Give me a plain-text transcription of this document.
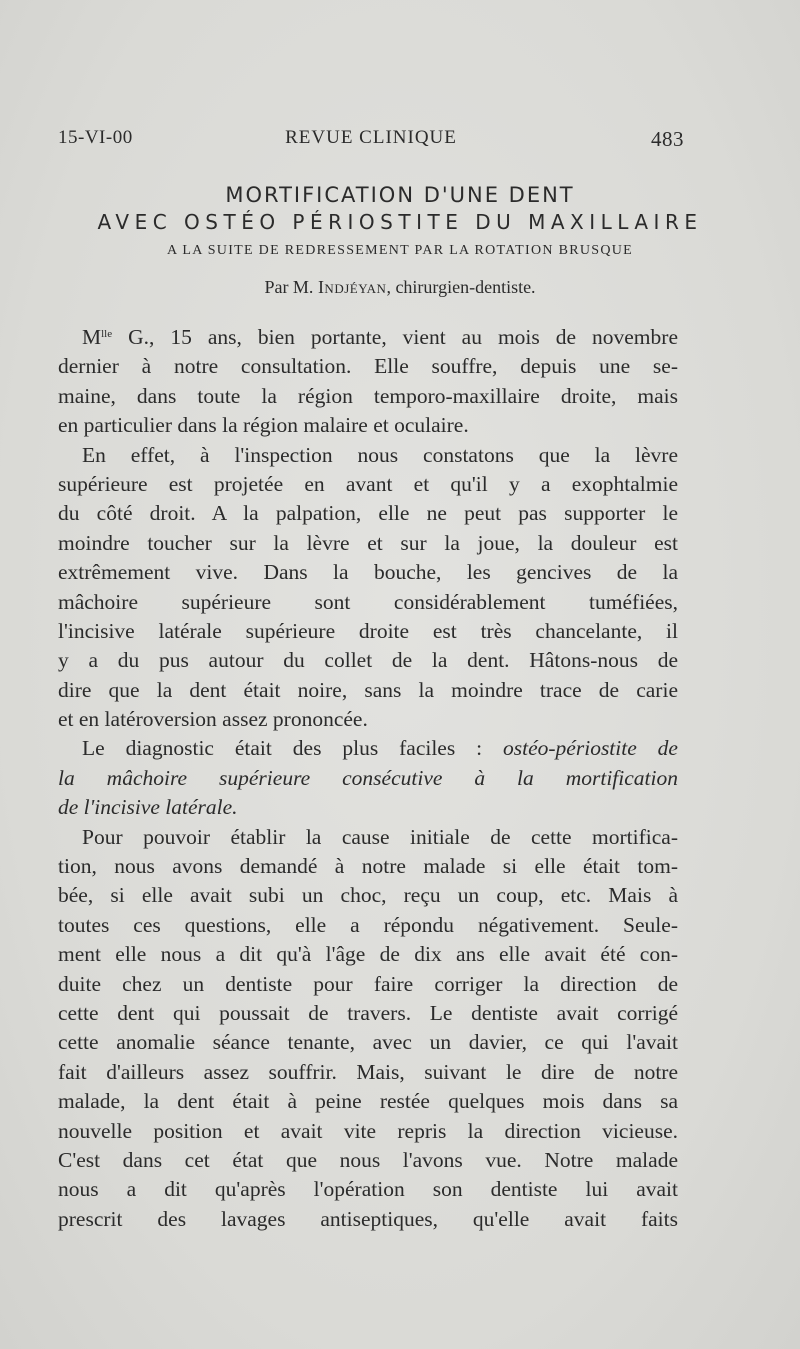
15-VI-00	REVUE CLINIQUE	483
MORTIFICATION D'UNE DENT
AVEC OSTÉO PÉRIOSTITE DU MAXILLAIRE
A LA SUITE DE REDRESSEMENT PAR LA ROTATION BRUSQUE
Par M. Indjéyan, chirurgien-dentiste.
$M^{lle}$ G., 15 ans, bien portante, vient au mois de novembre
dernier à notre consultation. Elle souffre, depuis une se-
maine, dans toute la région temporo-maxillaire droite, mais
en particulier dans la région malaire et oculaire.
En effet, à l'inspection nous constatons que la lèvre
supérieure est projetée en avant et qu'il y a exophtalmie
du côté droit. A la palpation, elle ne peut pas supporter le
moindre toucher sur la lèvre et sur la joue, la douleur est
extrêmement vive. Dans la bouche, les gencives de la
mâchoire supérieure sont considérablement tuméfiées,
l'incisive latérale supérieure droite est très chancelante, il
y a du pus autour du collet de la dent. Hâtons-nous de
dire que la dent était noire, sans la moindre trace de carie
et en latéroversion assez prononcée.
Le diagnostic était des plus faciles : ostéo-périostite de
la mâchoire supérieure consécutive à la mortification
de l'incisive latérale.
Pour pouvoir établir la cause initiale de cette mortifica-
tion, nous avons demandé à notre malade si elle était tom-
bée, si elle avait subi un choc, reçu un coup, etc. Mais à
toutes ces questions, elle a répondu négativement. Seule-
ment elle nous a dit qu'à l'âge de dix ans elle avait été con-
duite chez un dentiste pour faire corriger la direction de
cette dent qui poussait de travers. Le dentiste avait corrigé
cette anomalie séance tenante, avec un davier, ce qui l'avait
fait d'ailleurs assez souffrir. Mais, suivant le dire de notre
malade, la dent était à peine restée quelques mois dans sa
nouvelle position et avait vite repris la direction vicieuse.
C'est dans cet état que nous l'avons vue. Notre malade
nous a dit qu'après l'opération son dentiste lui avait
prescrit des lavages antiseptiques, qu'elle avait faits
